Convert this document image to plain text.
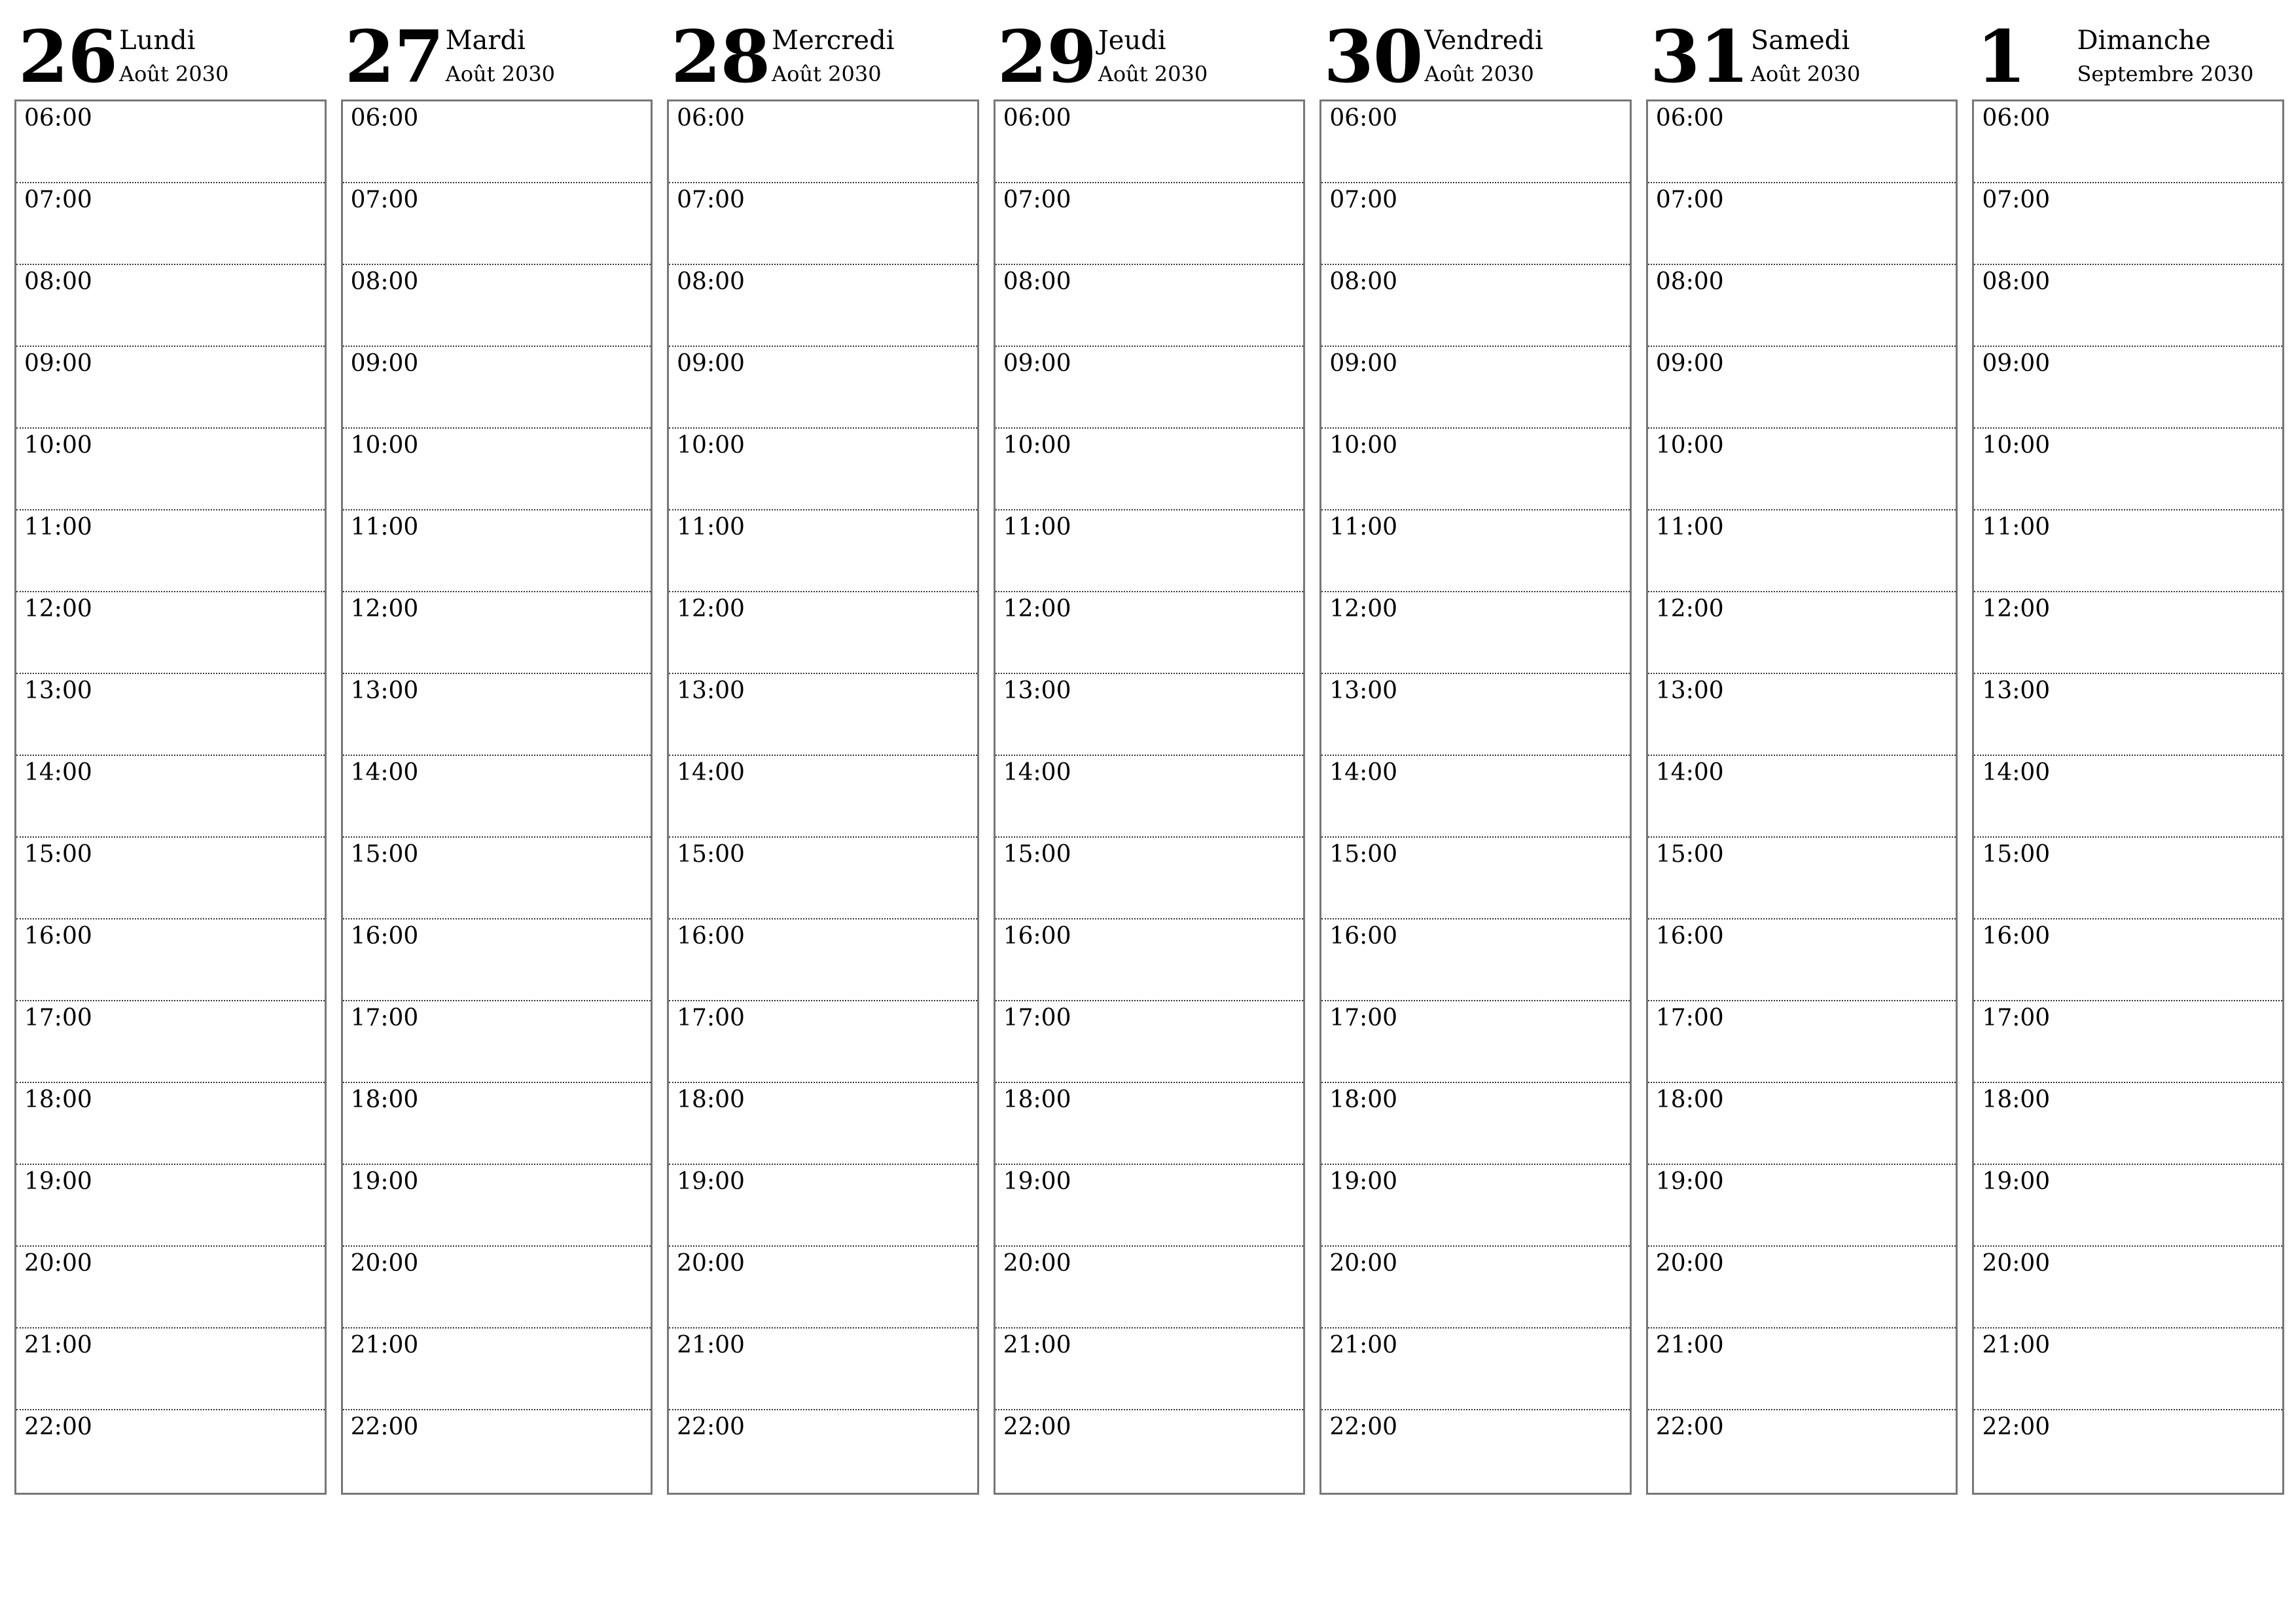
26 Lundi
Août 2030
06:00
07:00
08:00
09:00
10:00
11:00
12:00
13:00
14:00
15:00
16:00
17:00
18:00
19:00
20:00
21:00
22:00
27 Mardi
Août 2030
06:00
07:00
08:00
09:00
10:00
11:00
12:00
13:00
14:00
15:00
16:00
17:00
18:00
19:00
20:00
21:00
22:00
28 Mercredi
Août 2030
06:00
07:00
08:00
09:00
10:00
11:00
12:00
13:00
14:00
15:00
16:00
17:00
18:00
19:00
20:00
21:00
22:00
29 Jeudi
Août 2030
06:00
07:00
08:00
09:00
10:00
11:00
12:00
13:00
14:00
15:00
16:00
17:00
18:00
19:00
20:00
21:00
22:00
30 Vendredi
Août 2030
06:00
07:00
08:00
09:00
10:00
11:00
12:00
13:00
14:00
15:00
16:00
17:00
18:00
19:00
20:00
21:00
22:00
31 Samedi
Août 2030
06:00
07:00
08:00
09:00
10:00
11:00
12:00
13:00
14:00
15:00
16:00
17:00
18:00
19:00
20:00
21:00
22:00
1 Dimanche
Septembre 2030
06:00
07:00
08:00
09:00
10:00
11:00
12:00
13:00
14:00
15:00
16:00
17:00
18:00
19:00
20:00
21:00
22:00
